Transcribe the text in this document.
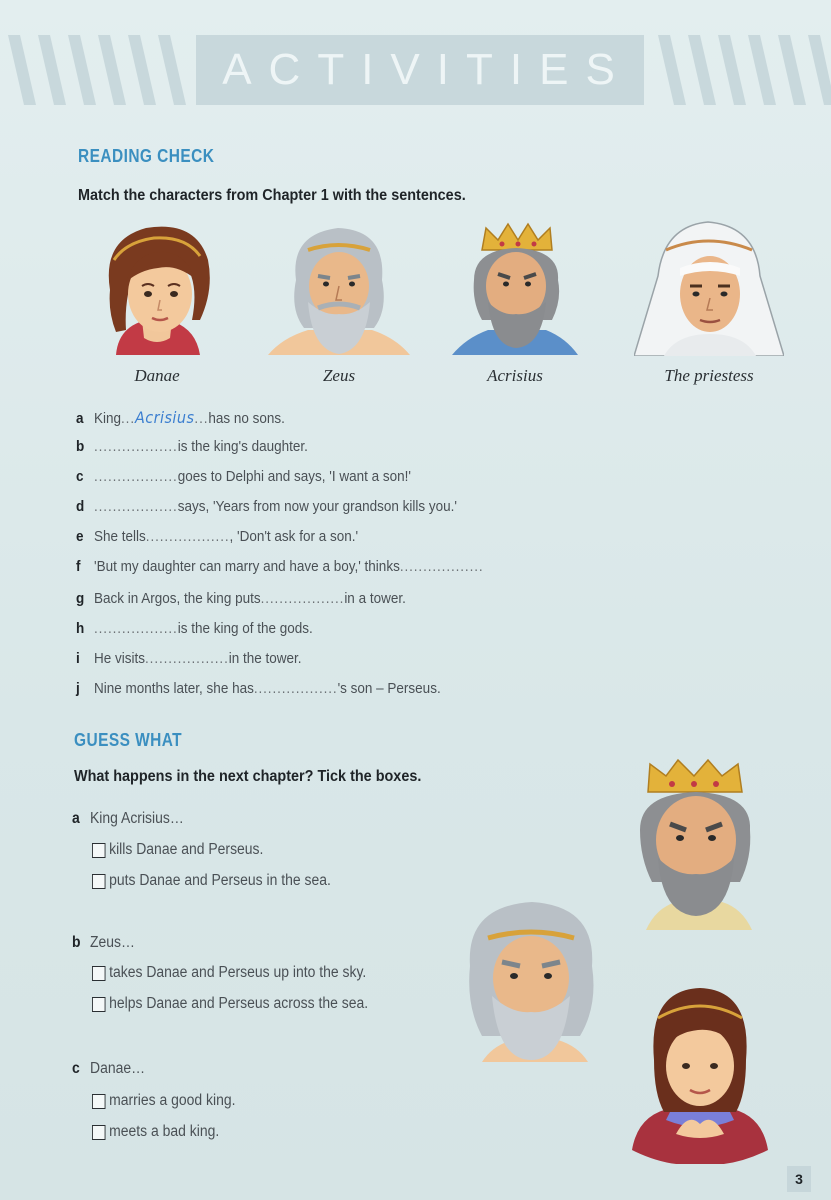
ACTIVITIES
READING CHECK
Match the characters from Chapter 1 with the sentences.
Danae	Zeus	Acrisius	The priestess
a King...Acrisius...has no sons.
b ..................is the king's daughter.
c ..................goes to Delphi and says, 'I want a son!'
d ..................says, 'Years from now your grandson kills you.'
e She tells.................., 'Don't ask for a son.'
f 'But my daughter can marry and have a boy,' thinks..................
g Back in Argos, the king puts..................in a tower.
h ..................is the king of the gods.
i He visits..................in the tower.
j Nine months later, she has..................'s son – Perseus.
GUESS WHAT
What happens in the next chapter? Tick the boxes.
a King Acrisius…
kills Danae and Perseus.
puts Danae and Perseus in the sea.
b Zeus…
takes Danae and Perseus up into the sky.
helps Danae and Perseus across the sea.
c Danae…
marries a good king.
meets a bad king.
3
